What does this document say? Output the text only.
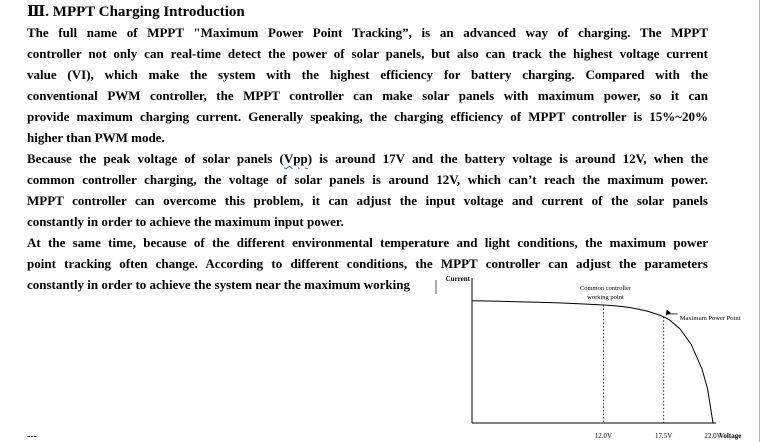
Ⅲ. MPPT Charging Introduction

The full name of MPPT "Maximum Power Point Tracking”, is an advanced way of charging. The MPPT
controller not only can real-time detect the power of solar panels, but also can track the highest voltage current
value (VI), which make the system with the highest efficiency for battery charging. Compared with the
conventional PWM controller, the MPPT controller can make solar panels with maximum power, so it can
provide maximum charging current. Generally speaking, the charging efficiency of MPPT controller is 15%~20%
higher than PWM mode.

Because the peak voltage of solar panels (Vpp) is around 17V and the battery voltage is around 12V, when the
common controller charging, the voltage of solar panels is around 12V, which can’t reach the maximum power.
MPPT controller can overcome this problem, it can adjust the input voltage and current of the solar panels
constantly in order to achieve the maximum input power.

At the same time, because of the different environmental temperature and light conditions, the maximum power
point tracking often change. According to different conditions, the MPPT controller can adjust the parameters
constantly in order to achieve the system near the maximum working

12.0V	17.5V	22.0V
Voltage
Current
Common controller
working point
Maximum Power Point
---
